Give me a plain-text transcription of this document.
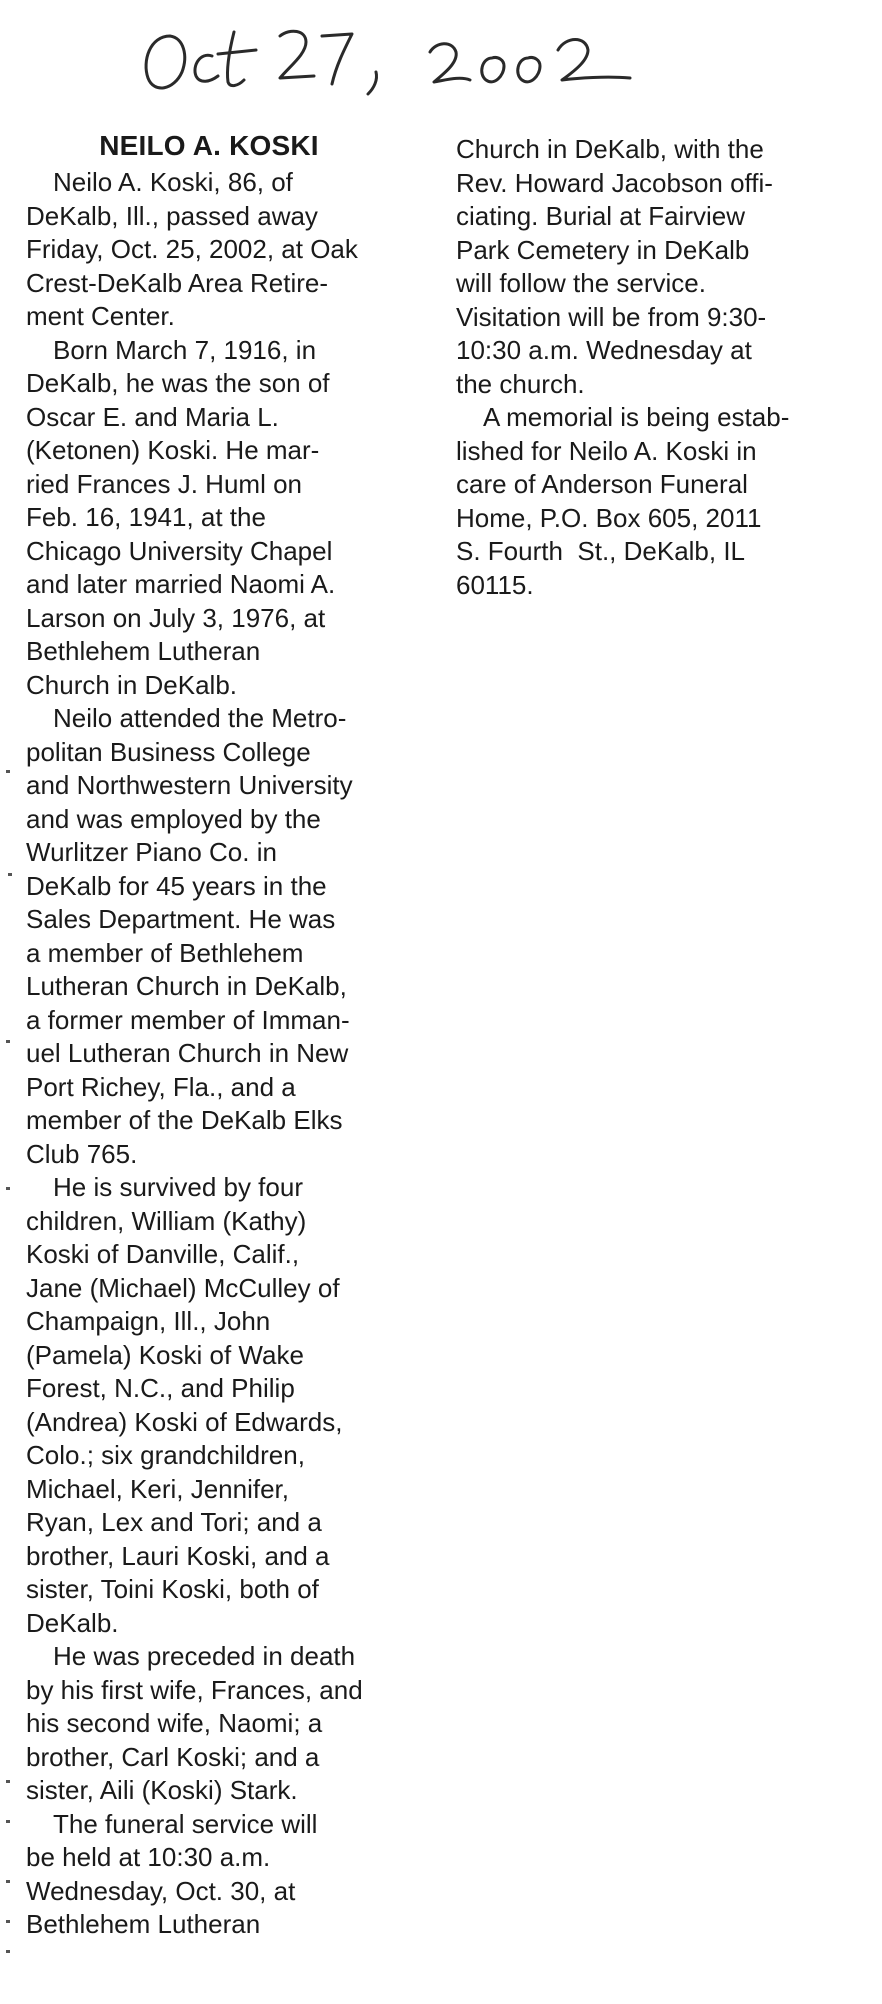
NEILO A. KOSKI
Neilo A. Koski, 86, of
DeKalb, Ill., passed away
Friday, Oct. 25, 2002, at Oak
Crest-DeKalb Area Retire-
ment Center.
Born March 7, 1916, in
DeKalb, he was the son of
Oscar E. and Maria L.
(Ketonen) Koski. He mar-
ried Frances J. Huml on
Feb. 16, 1941, at the
Chicago University Chapel
and later married Naomi A.
Larson on July 3, 1976, at
Bethlehem Lutheran
Church in DeKalb.
Neilo attended the Metro-
politan Business College
and Northwestern University
and was employed by the
Wurlitzer Piano Co. in
DeKalb for 45 years in the
Sales Department. He was
a member of Bethlehem
Lutheran Church in DeKalb,
a former member of Imman-
uel Lutheran Church in New
Port Richey, Fla., and a
member of the DeKalb Elks
Club 765.
He is survived by four
children, William (Kathy)
Koski of Danville, Calif.,
Jane (Michael) McCulley of
Champaign, Ill., John
(Pamela) Koski of Wake
Forest, N.C., and Philip
(Andrea) Koski of Edwards,
Colo.; six grandchildren,
Michael, Keri, Jennifer,
Ryan, Lex and Tori; and a
brother, Lauri Koski, and a
sister, Toini Koski, both of
DeKalb.
He was preceded in death
by his first wife, Frances, and
his second wife, Naomi; a
brother, Carl Koski; and a
sister, Aili (Koski) Stark.
The funeral service will
be held at 10:30 a.m.
Wednesday, Oct. 30, at
Bethlehem Lutheran
Church in DeKalb, with the
Rev. Howard Jacobson offi-
ciating. Burial at Fairview
Park Cemetery in DeKalb
will follow the service.
Visitation will be from 9:30-
10:30 a.m. Wednesday at
the church.
A memorial is being estab-
lished for Neilo A. Koski in
care of Anderson Funeral
Home, P.O. Box 605, 2011
S. Fourth  St., DeKalb, IL
60115.
